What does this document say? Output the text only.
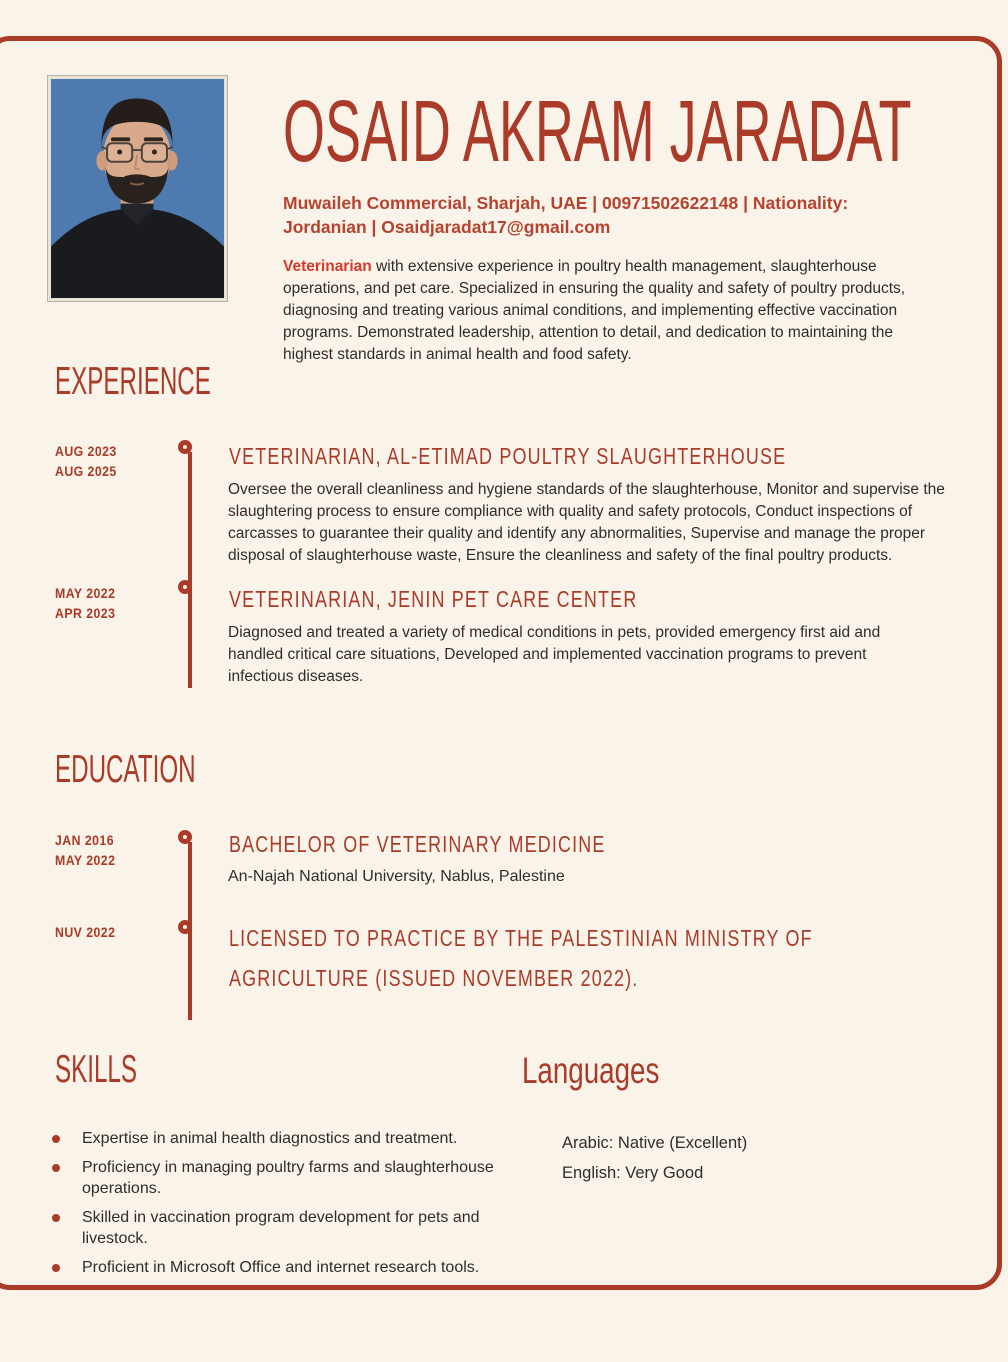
OSAID AKRAM JARADAT

Muwaileh Commercial, Sharjah, UAE | 00971502622148 | Nationality: Jordanian | Osaidjaradat17@gmail.com

Veterinarian with extensive experience in poultry health management, slaughterhouse operations, and pet care. Specialized in ensuring the quality and safety of poultry products, diagnosing and treating various animal conditions, and implementing effective vaccination programs. Demonstrated leadership, attention to detail, and dedication to maintaining the highest standards in animal health and food safety.

EXPERIENCE
AUG 2023
AUG 2025
VETERINARIAN, AL-ETIMAD POULTRY SLAUGHTERHOUSE

Oversee the overall cleanliness and hygiene standards of the slaughterhouse, Monitor and supervise the slaughtering process to ensure compliance with quality and safety protocols, Conduct inspections of carcasses to guarantee their quality and identify any abnormalities, Supervise and manage the proper disposal of slaughterhouse waste, Ensure the cleanliness and safety of the final poultry products.

MAY 2022
APR 2023
VETERINARIAN, JENIN PET CARE CENTER

Diagnosed and treated a variety of medical conditions in pets, provided emergency first aid and handled critical care situations, Developed and implemented vaccination programs to prevent infectious diseases.

EDUCATION
JAN 2016
MAY 2022
BACHELOR OF VETERINARY MEDICINE

An-Najah National University, Nablus, Palestine

NUV 2022	LICENSED TO PRACTICE BY THE PALESTINIAN MINISTRY OF AGRICULTURE (ISSUED NOVEMBER 2022).
SKILLS	Languages
Expertise in animal health diagnostics and treatment.
Proficiency in managing poultry farms and slaughterhouse operations.
Skilled in vaccination program development for pets and livestock.
Proficient in Microsoft Office and internet research tools.
Arabic: Native (Excellent)
English: Very Good
